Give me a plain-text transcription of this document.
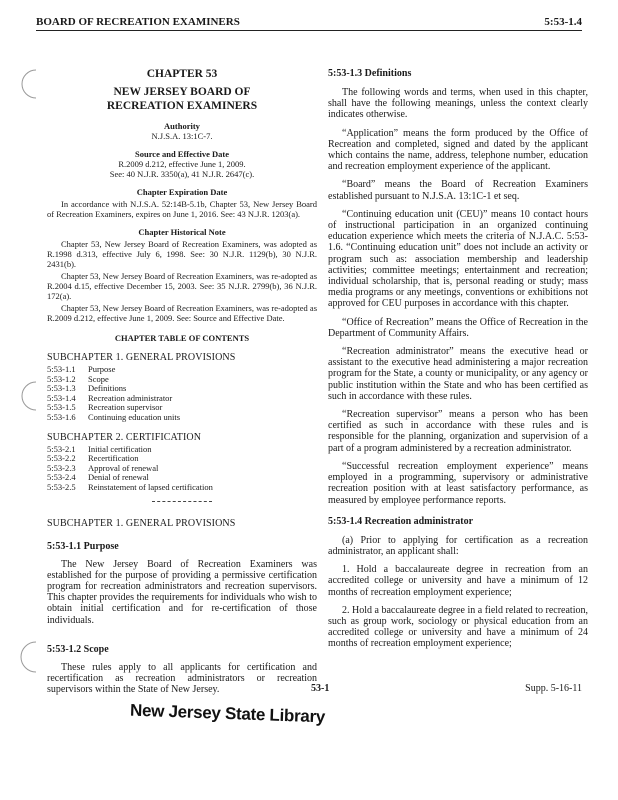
BOARD OF RECREATION EXAMINERS	5:53-1.4
CHAPTER 53
NEW JERSEY BOARD OF
RECREATION EXAMINERS
Authority
N.J.S.A. 13:1C-7.
Source and Effective Date
R.2009 d.212, effective June 1, 2009.
See: 40 N.J.R. 3350(a), 41 N.J.R. 2647(c).
Chapter Expiration Date

In accordance with N.J.S.A. 52:14B-5.1b, Chapter 53, New Jersey Board of Recreation Examiners, expires on June 1, 2016. See: 43 N.J.R. 1203(a).

Chapter Historical Note

Chapter 53, New Jersey Board of Recreation Examiners, was adopted as R.1998 d.313, effective July 6, 1998. See: 30 N.J.R. 1129(b), 30 N.J.R. 2431(b).

Chapter 53, New Jersey Board of Recreation Examiners, was re-adopted as R.2004 d.15, effective December 15, 2003. See: 35 N.J.R. 2799(b), 36 N.J.R. 172(a).

Chapter 53, New Jersey Board of Recreation Examiners, was re-adopted as R.2009 d.212, effective June 1, 2009. See: Source and Effective Date.

CHAPTER TABLE OF CONTENTS
SUBCHAPTER 1. GENERAL PROVISIONS
5:53-1.1	Purpose
5:53-1.2	Scope
5:53-1.3	Definitions
5:53-1.4	Recreation administrator
5:53-1.5	Recreation supervisor
5:53-1.6	Continuing education units
SUBCHAPTER 2. CERTIFICATION
5:53-2.1	Initial certification
5:53-2.2	Recertification
5:53-2.3	Approval of renewal
5:53-2.4	Denial of renewal
5:53-2.5	Reinstatement of lapsed certification
SUBCHAPTER 1. GENERAL PROVISIONS
5:53-1.1 Purpose

The New Jersey Board of Recreation Examiners was established for the purpose of providing a permissive certification program for recreation administrators and recreation supervisors. This chapter provides the requirements for individuals who wish to obtain initial certification and for re-certification of those individuals.

5:53-1.2 Scope

These rules apply to all applicants for certification and recertification as recreation administrators or recreation supervisors within the State of New Jersey.

5:53-1.3 Definitions

The following words and terms, when used in this chapter, shall have the following meanings, unless the context clearly indicates otherwise.

“Application” means the form produced by the Office of Recreation and completed, signed and dated by the applicant which contains the name, address, telephone number, education and recreation employment experience of the applicant.

“Board” means the Board of Recreation Examiners established pursuant to N.J.S.A. 13:1C-1 et seq.

“Continuing education unit (CEU)” means 10 contact hours of instructional participation in an organized continuing education experience which meets the criteria of N.J.A.C. 5:53-1.6. “Continuing education unit” does not include an activity or program such as: association membership and leadership activities; committee meetings; entertainment and recreation; individual scholarship, that is, personal reading or study; mass media programs or any meetings, conventions or exhibitions not approved for CEU purposes in accordance with this chapter.

“Office of Recreation” means the Office of Recreation in the Department of Community Affairs.

“Recreation administrator” means the executive head or assistant to the executive head administering a major recreation program for the State, a county or municipality, or any agency or public institution within the State and who has been certified as such in accordance with these rules.

“Recreation supervisor” means a person who has been certified as such in accordance with these rules and is responsible for the planning, organization and supervision of a part of a program administered by a recreation administrator.

“Successful recreation employment experience” means employed in a programming, supervisory or administrative recreation position with at least satisfactory performance, as measured by employee performance reports.

5:53-1.4 Recreation administrator

(a) Prior to applying for certification as a recreation administrator, an applicant shall:

1. Hold a baccalaureate degree in recreation from an accredited college or university and have a minimum of 12 months of recreation employment experience;

2. Hold a baccalaureate degree in a field related to recreation, such as group work, sociology or physical education from an accredited college or university and have a minimum of 24 months of recreation employment experience;

53-1	Supp. 5-16-11
New Jersey State Library
